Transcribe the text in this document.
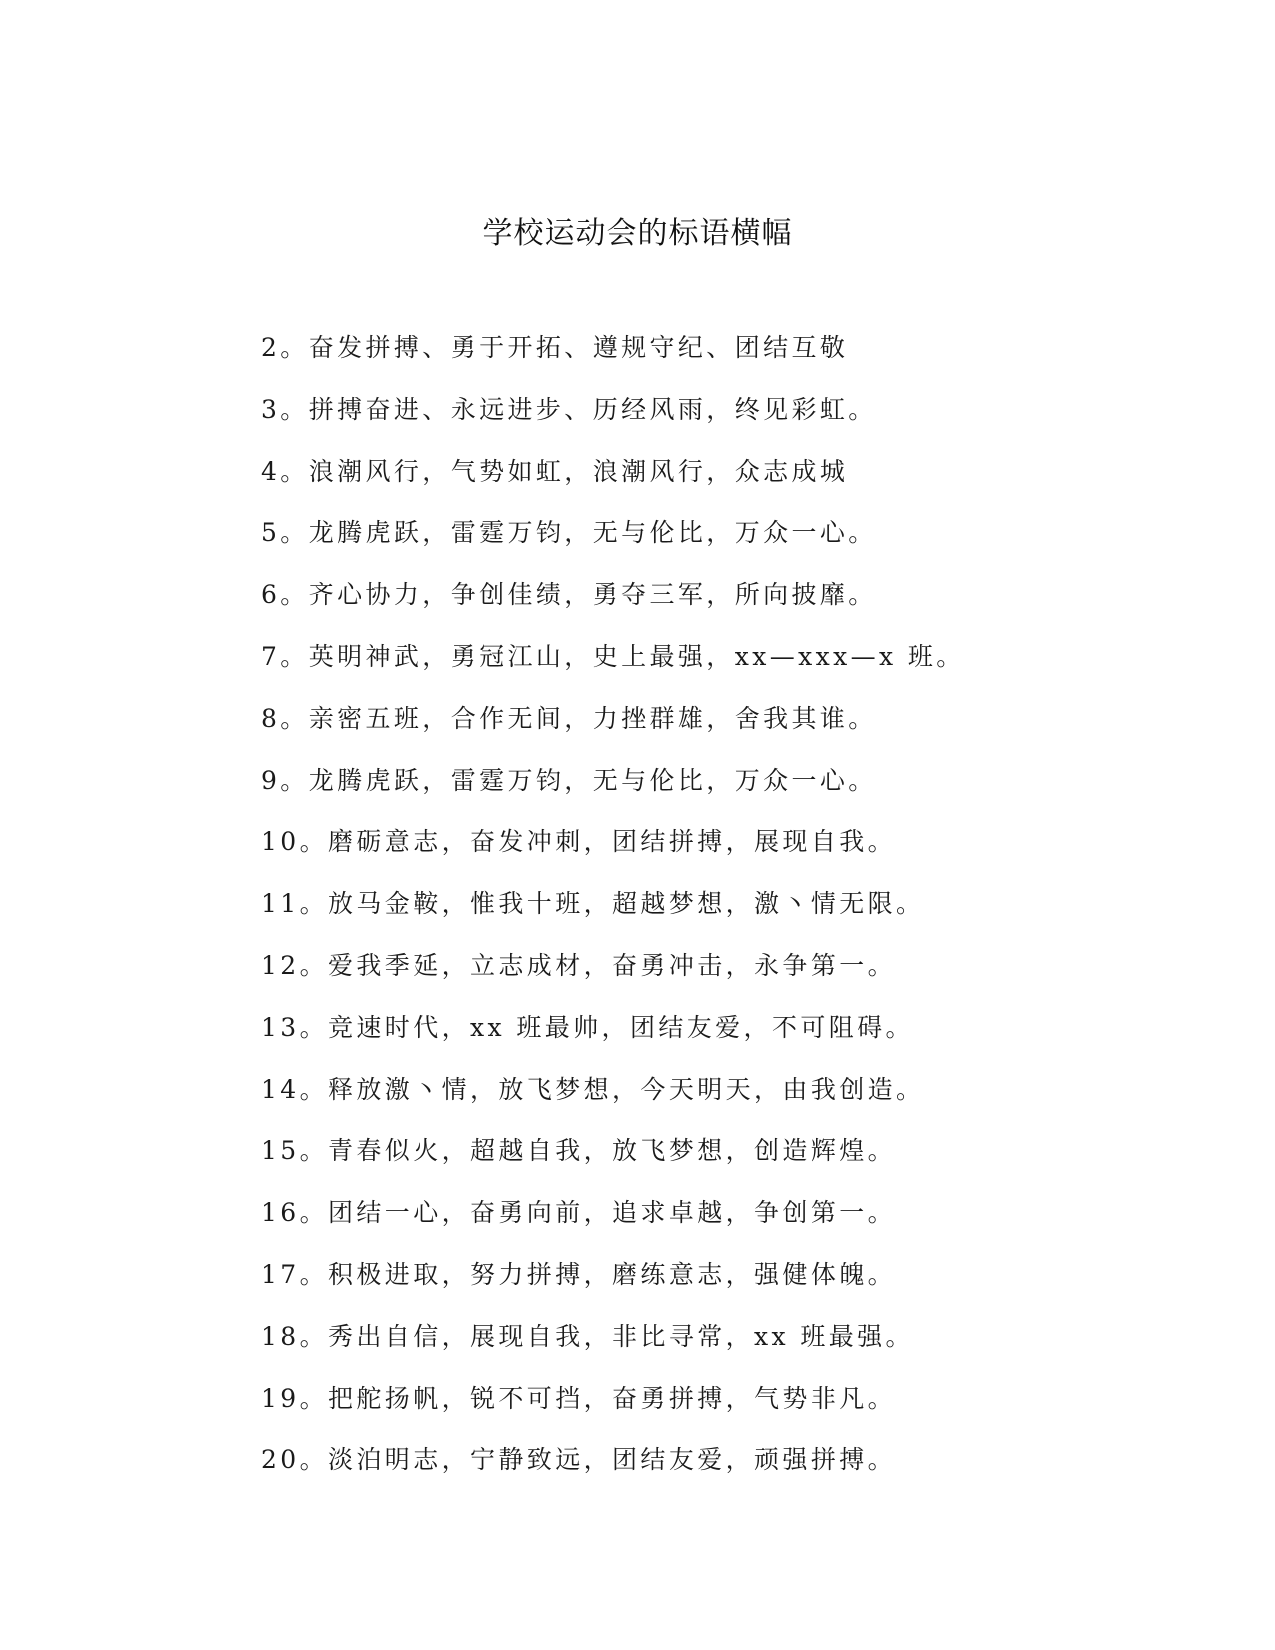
学校运动会的标语横幅
2。奋发拼搏、勇于开拓、遵规守纪、团结互敬
3。拼搏奋进、永远进步、历经风雨，终见彩虹。
4。浪潮风行，气势如虹，浪潮风行，众志成城
5。龙腾虎跃，雷霆万钧，无与伦比，万众一心。
6。齐心协力，争创佳绩，勇夺三军，所向披靡。
7。英明神武，勇冠江山，史上最强，xx—xxx—x 班。
8。亲密五班，合作无间，力挫群雄，舍我其谁。
9。龙腾虎跃，雷霆万钧，无与伦比，万众一心。
10。磨砺意志，奋发冲刺，团结拼搏，展现自我。
11。放马金鞍，惟我十班，超越梦想，激丶情无限。
12。爱我季延，立志成材，奋勇冲击，永争第一。
13。竞速时代，xx 班最帅，团结友爱，不可阻碍。
14。释放激丶情，放飞梦想，今天明天，由我创造。
15。青春似火，超越自我，放飞梦想，创造辉煌。
16。团结一心，奋勇向前，追求卓越，争创第一。
17。积极进取，努力拼搏，磨练意志，强健体魄。
18。秀出自信，展现自我，非比寻常，xx 班最强。
19。把舵扬帆，锐不可挡，奋勇拼搏，气势非凡。
20。淡泊明志，宁静致远，团结友爱，顽强拼搏。
